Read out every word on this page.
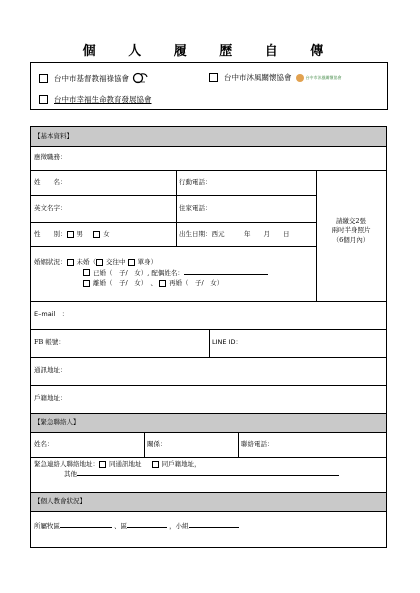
個 人 履 歷 自 傳
台中市基督教福祿協會	台中市沐風關懷協會	台中市沐風關懷協會
台中市幸福生命教育發展協會
【基本資料】
【緊急聯絡人】
【個人教會狀況】
應徵職務：
姓　　名：	行動電話：
英文名字：	住家電話：
性　　別： 男	女	出生日期：西元　　　年　　月　　日
請繳交2張
兩吋半身照片
（6個月內）
婚姻狀況： 未婚（ 交往中 單身）
已婚（　子/　女）, 配偶姓名：
離婚（　子/　女）　、 再婚（　子/　女）
E–mail　：
FB 帳號：	LINE ID：
通訊地址：
戶籍地址：
姓名：	關係：	聯絡電話：
緊急連絡人聯絡地址： 同通訊地址	同戶籍地址，
其他
所屬牧區	、區	，小組
